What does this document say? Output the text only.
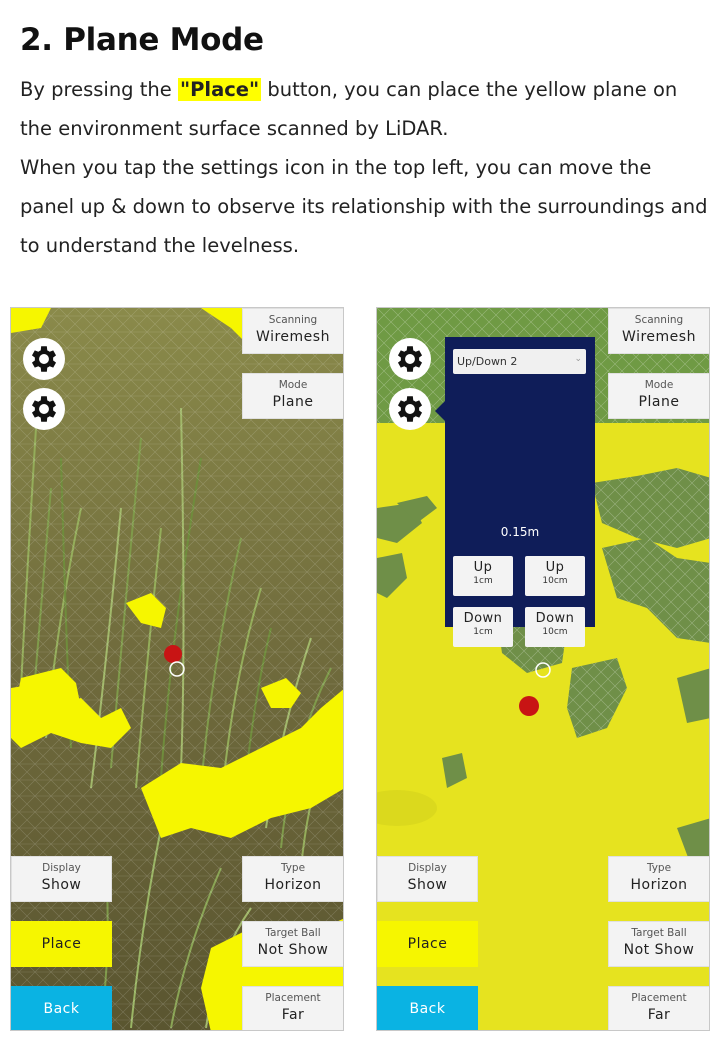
2. Plane Mode
By pressing the "Place" button, you can place the yellow plane on the environment surface scanned by LiDAR.
When you tap the settings icon in the top left, you can move the panel up & down to observe its relationship with the surroundings and to understand the levelness.
Scanning
Wiremesh
Mode
Plane
Display
Show
Type
Horizon
Place
Target Ball
Not Show
Back
Placement
Far
Up/Down 2	⌄
0.15m
Up
1cm
Up
10cm
Down
1cm
Down
10cm
Scanning
Wiremesh
Mode
Plane
Display
Show
Type
Horizon
Place
Target Ball
Not Show
Back
Placement
Far
